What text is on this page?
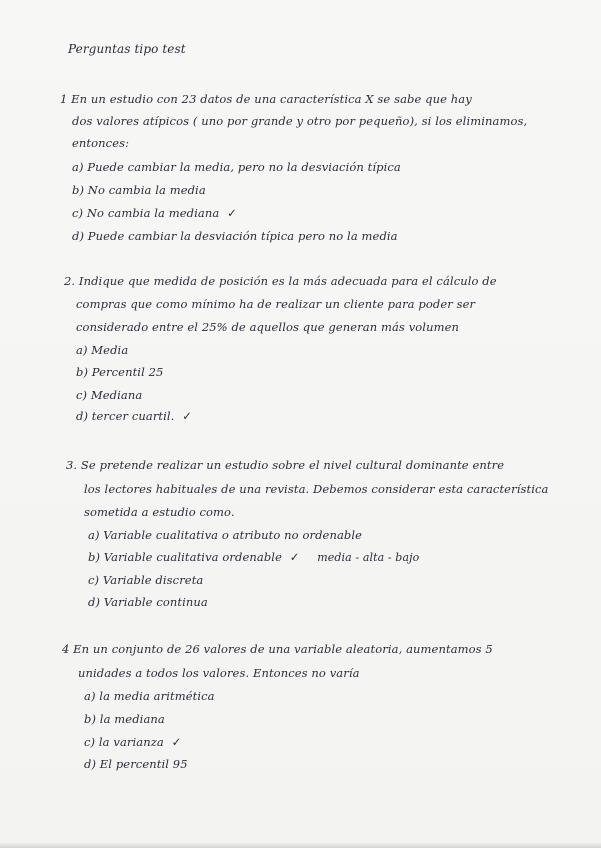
Perguntas tipo test
1 En un estudio con 23 datos de una característica X se sabe que hay
dos valores atípicos ( uno por grande y otro por pequeño), si los eliminamos,
entonces:
a) Puede cambiar la media, pero no la desviación típica
b) No cambia la media
c) No cambia la mediana ✓
d) Puede cambiar la desviación típica pero no la media
2. Indique que medida de posición es la más adecuada para el cálculo de
compras que como mínimo ha de realizar un cliente para poder ser
considerado entre el 25% de aquellos que generan más volumen
a) Media
b) Percentil 25
c) Mediana
d) tercer cuartil. ✓
3. Se pretende realizar un estudio sobre el nivel cultural dominante entre
los lectores habituales de una revista. Debemos considerar esta característica
sometida a estudio como.
a) Variable cualitativa o atributo no ordenable
b) Variable cualitativa ordenable ✓ media - alta - bajo
c) Variable discreta
d) Variable continua
4 En un conjunto de 26 valores de una variable aleatoria, aumentamos 5
unidades a todos los valores. Entonces no varía
a) la media aritmética
b) la mediana
c) la varianza ✓
d) El percentil 95
